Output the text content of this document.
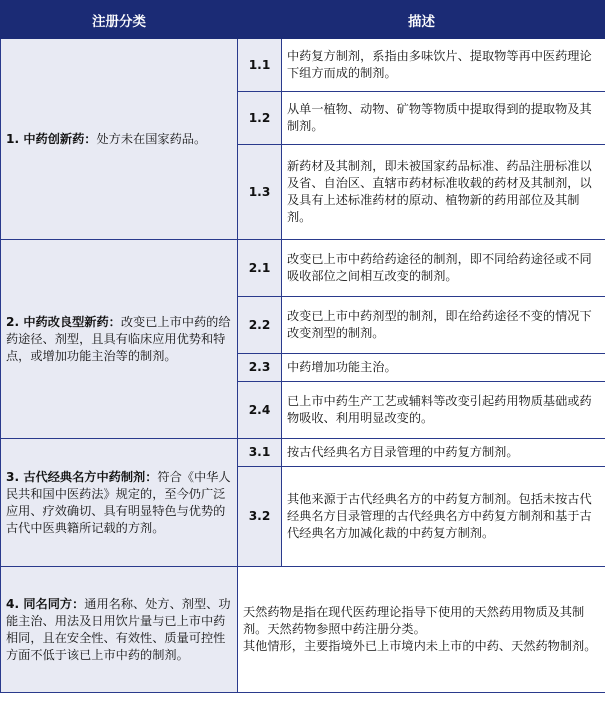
注册分类	描述	
1. 中药创新药：处方未在国家药品。	1.1	中药复方制剂，系指由多味饮片、提取物等再中医药理论下组方而成的制剂。
	1.2	从单一植物、动物、矿物等物质中提取得到的提取物及其制剂。
	1.3	新药材及其制剂，即未被国家药品标准、药品注册标准以及省、自治区、直辖市药材标准收载的药材及其制剂，以及具有上述标准药材的原动、植物新的药用部位及其制剂。
2. 中药改良型新药：改变已上市中药的给药途径、剂型，且具有临床应用优势和特点，或增加功能主治等的制剂。	2.1	改变已上市中药给药途径的制剂，即不同给药途径或不同吸收部位之间相互改变的制剂。
	2.2	改变已上市中药剂型的制剂，即在给药途径不变的情况下改变剂型的制剂。
	2.3	中药增加功能主治。
	2.4	已上市中药生产工艺或辅料等改变引起药用物质基础或药物吸收、利用明显改变的。
3. 古代经典名方中药制剂：符合《中华人民共和国中医药法》规定的，至今仍广泛应用、疗效确切、具有明显特色与优势的古代中医典籍所记载的方剂。	3.1	按古代经典名方目录管理的中药复方制剂。
	3.2	其他来源于古代经典名方的中药复方制剂。包括未按古代经典名方目录管理的古代经典名方中药复方制剂和基于古代经典名方加减化裁的中药复方制剂。
4. 同名同方：通用名称、处方、剂型、功能主治、用法及日用饮片量与已上市中药相同，且在安全性、有效性、质量可控性方面不低于该已上市中药的制剂。	天然药物是指在现代医药理论指导下使用的天然药用物质及其制剂。天然药物参照中药注册分类。
其他情形，主要指境外已上市境内未上市的中药、天然药物制剂。	
